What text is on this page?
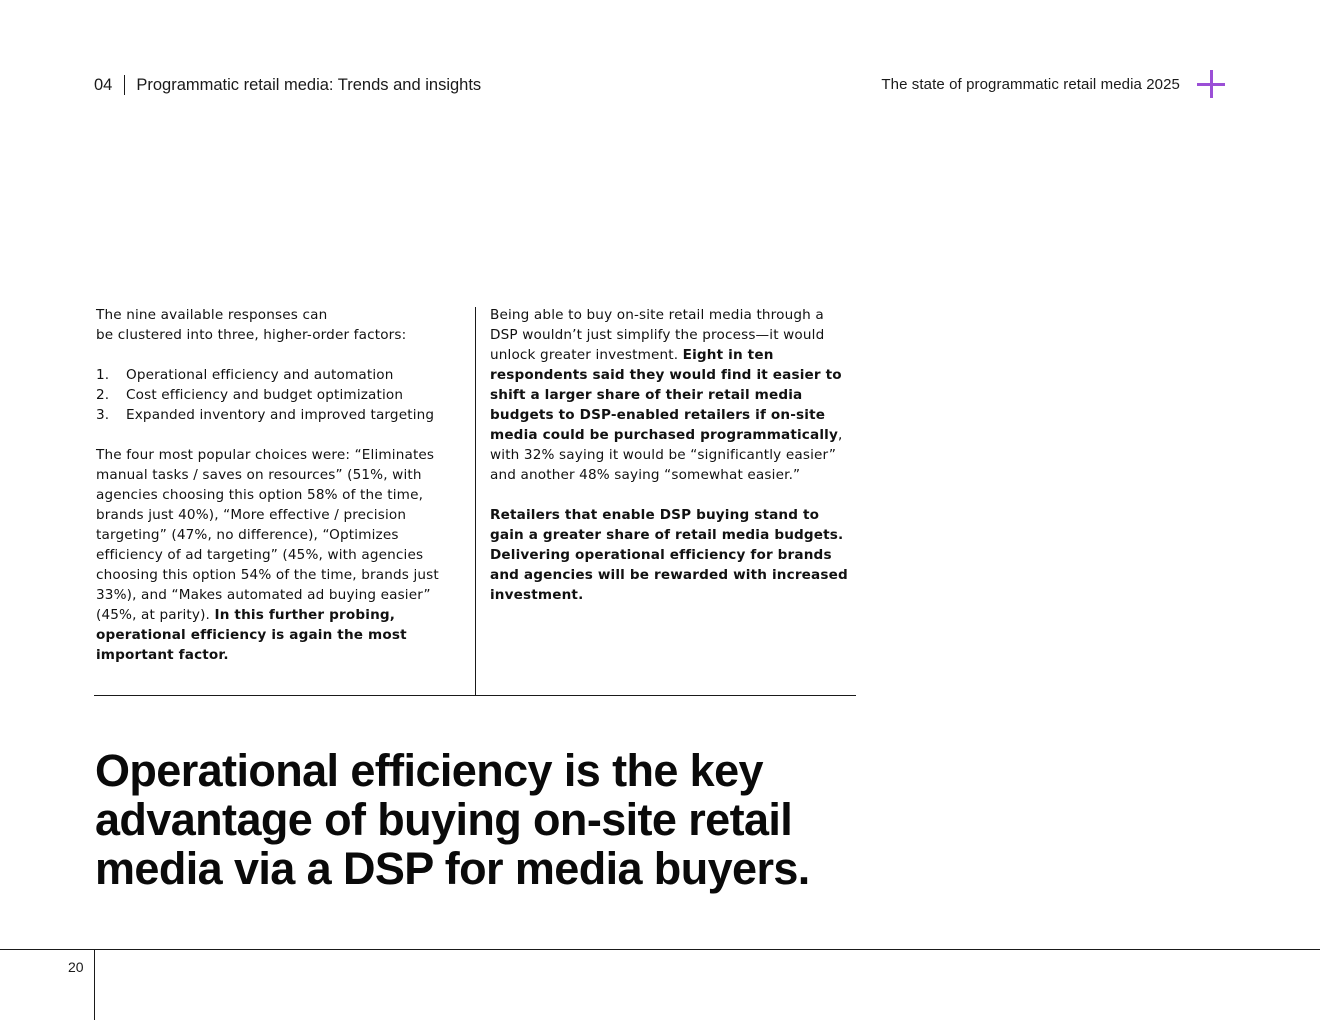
04 Programmatic retail media: Trends and insights	The state of programmatic retail media 2025

The nine available responses can

be clustered into three, higher-order factors:

1.	Operational efficiency and automation
2.	Cost efficiency and budget optimization
3.	Expanded inventory and improved targeting

The four most popular choices were: “Eliminates manual tasks / saves on resources” (51%, with agencies choosing this option 58% of the time, brands just 40%), “More effective / precision targeting” (47%, no difference), “Optimizes efficiency of ad targeting” (45%, with agencies choosing this option 54% of the time, brands just 33%), and “Makes automated ad buying easier” (45%, at parity). In this further probing, operational efficiency is again the most important factor.

Being able to buy on-site retail media through a DSP wouldn’t just simplify the process—it would unlock greater investment. Eight in ten respondents said they would find it easier to shift a larger share of their retail media budgets to DSP-enabled retailers if on-site media could be purchased programmatically, with 32% saying it would be “significantly easier” and another 48% saying “somewhat easier.”

Retailers that enable DSP buying stand to gain a greater share of retail media budgets. Delivering operational efficiency for brands and agencies will be rewarded with increased investment.

Operational efficiency is the key advantage of buying on-site retail media via a DSP for media buyers.
20
